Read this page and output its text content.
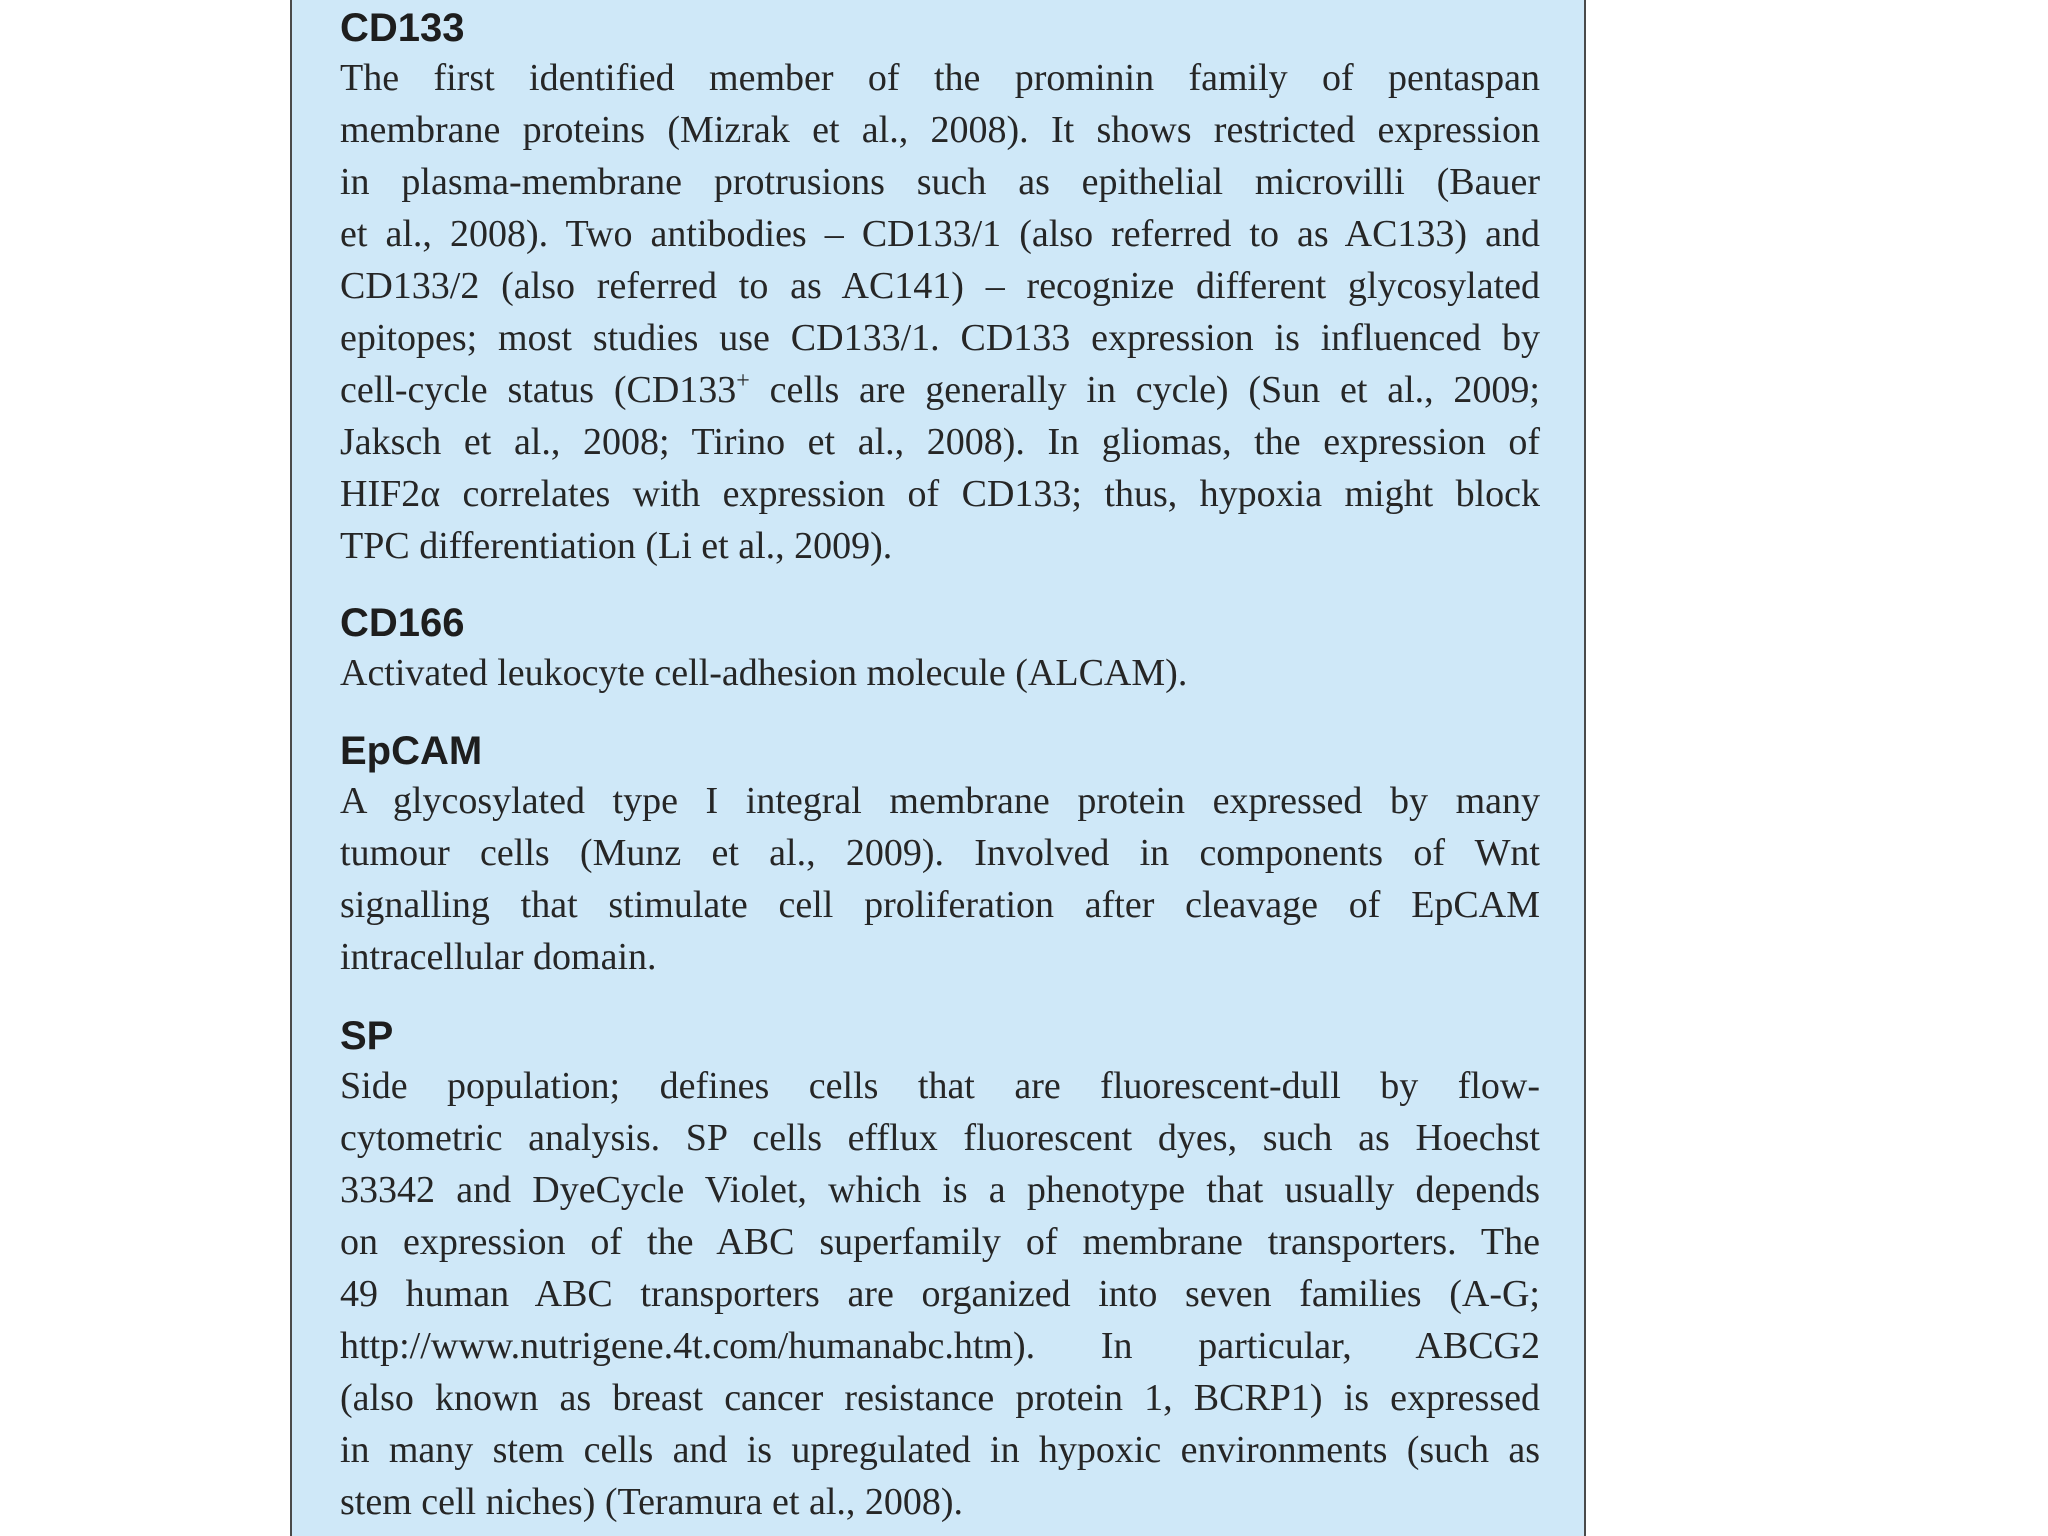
CD133

The first identified member of the prominin family of pentaspan
membrane proteins (Mizrak et al., 2008). It shows restricted expression
in plasma-membrane protrusions such as epithelial microvilli (Bauer
et al., 2008). Two antibodies – CD133/1 (also referred to as AC133) and
CD133/2 (also referred to as AC141) – recognize different glycosylated
epitopes; most studies use CD133/1. CD133 expression is influenced by
cell-cycle status (CD133+ cells are generally in cycle) (Sun et al., 2009;
Jaksch et al., 2008; Tirino et al., 2008). In gliomas, the expression of
HIF2α correlates with expression of CD133; thus, hypoxia might block
TPC differentiation (Li et al., 2009).

CD166

Activated leukocyte cell-adhesion molecule (ALCAM).

EpCAM

A glycosylated type I integral membrane protein expressed by many
tumour cells (Munz et al., 2009). Involved in components of Wnt
signalling that stimulate cell proliferation after cleavage of EpCAM
intracellular domain.

SP

Side population; defines cells that are fluorescent-dull by flow-
cytometric analysis. SP cells efflux fluorescent dyes, such as Hoechst
33342 and DyeCycle Violet, which is a phenotype that usually depends
on expression of the ABC superfamily of membrane transporters. The
49 human ABC transporters are organized into seven families (A-G;
http://www.nutrigene.4t.com/humanabc.htm). In particular, ABCG2
(also known as breast cancer resistance protein 1, BCRP1) is expressed
in many stem cells and is upregulated in hypoxic environments (such as
stem cell niches) (Teramura et al., 2008).
